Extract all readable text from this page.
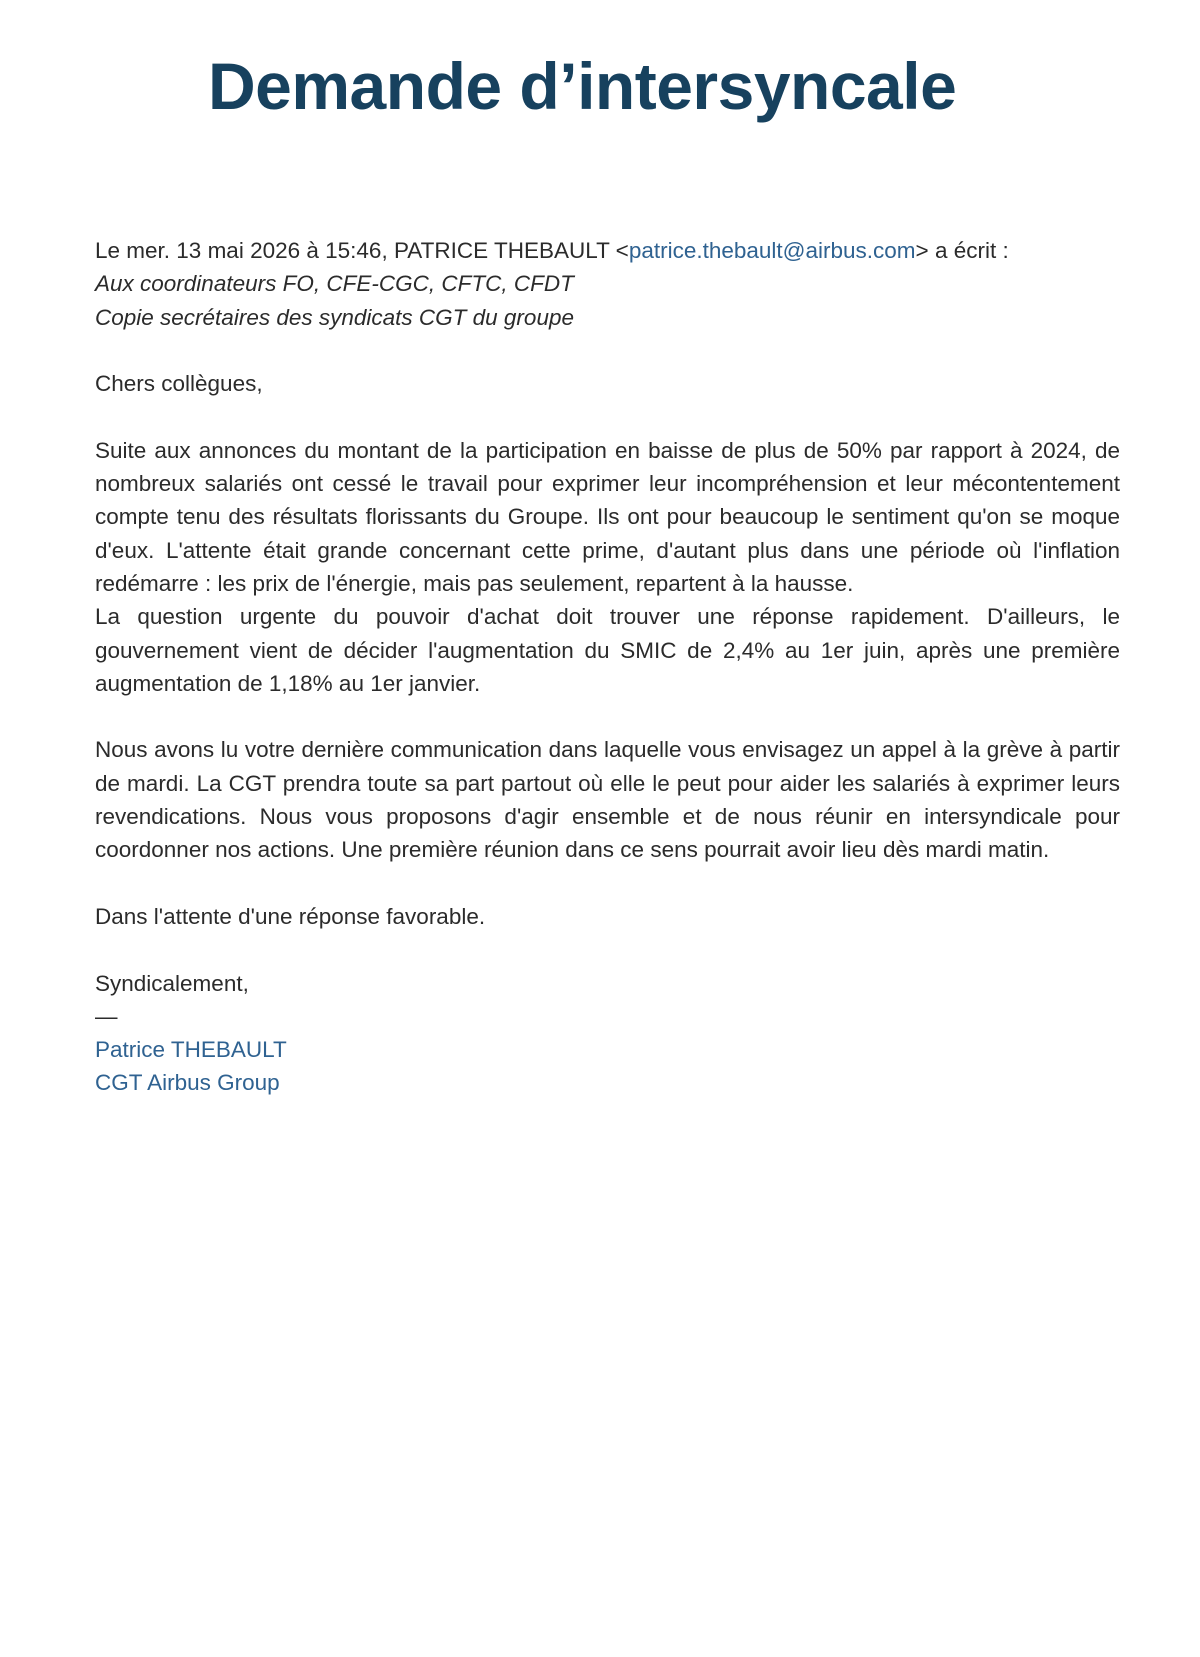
Demande d’intersyncale

Le mer. 13 mai 2026 à 15:46, PATRICE THEBAULT <patrice.thebault@airbus.com> a écrit :

Aux coordinateurs FO, CFE-CGC, CFTC, CFDT

Copie secrétaires des syndicats CGT du groupe

Chers collègues,

Suite aux annonces du montant de la participation en baisse de plus de 50% par rapport à 2024, de nombreux salariés ont cessé le travail pour exprimer leur incompréhension et leur mécontentement compte tenu des résultats florissants du Groupe. Ils ont pour beaucoup le sentiment qu'on se moque d'eux. L'attente était grande concernant cette prime, d'autant plus dans une période où l'inflation redémarre : les prix de l'énergie, mais pas seulement, repartent à la hausse.

La question urgente du pouvoir d'achat doit trouver une réponse rapidement. D'ailleurs, le gouvernement vient de décider l'augmentation du SMIC de 2,4% au 1er juin, après une première augmentation de 1,18% au 1er janvier.

Nous avons lu votre dernière communication dans laquelle vous envisagez un appel à la grève à partir de mardi. La CGT prendra toute sa part partout où elle le peut pour aider les salariés à exprimer leurs revendications. Nous vous proposons d'agir ensemble et de nous réunir en intersyndicale pour coordonner nos actions. Une première réunion dans ce sens pourrait avoir lieu dès mardi matin.

Dans l'attente d'une réponse favorable.

Syndicalement,

—

Patrice THEBAULT

CGT Airbus Group
